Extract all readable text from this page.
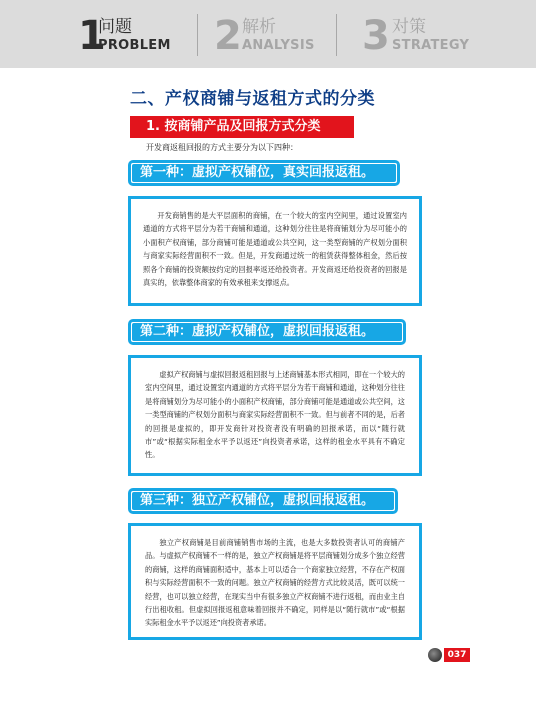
1
问题
PROBLEM 2 解析
ANALYSIS 3 对策
STRATEGY
二、产权商铺与返租方式的分类
1. 按商铺产品及回报方式分类
开发商返租回报的方式主要分为以下四种：
第一种：虚拟产权铺位，真实回报返租。

开发商销售的是大平层面积的商铺，在一个较大的室内空间里，通过设置室内通道的方式将平层分为若干商铺和通道，这种划分往往是将商铺划分为尽可能小的小面积产权商铺，部分商铺可能是通道或公共空间，这一类型商铺的产权划分面积与商家实际经营面积不一致。但是，开发商通过统一的租赁获得整体租金，然后按照各个商铺的投资额按约定的回报率返还给投资者。开发商返还给投资者的回报是真实的，依靠整体商家的有效承租来支撑返点。

第二种：虚拟产权铺位，虚拟回报返租。

虚拟产权商铺与虚拟回报返租回报与上述商铺基本形式相同，即在一个较大的室内空间里，通过设置室内通道的方式将平层分为若干商铺和通道，这种划分往往是将商铺划分为尽可能小的小面积产权商铺，部分商铺可能是通道或公共空间，这一类型商铺的产权划分面积与商家实际经营面积不一致。但与前者不同的是，后者的回报是虚拟的，即开发商针对投资者没有明确的回报承诺，而以“随行就市”或“根据实际租金水平予以返还”向投资者承诺，这样的租金水平具有不确定性。

第三种：独立产权铺位，虚拟回报返租。

独立产权商铺是目前商铺销售市场的主流，也是大多数投资者认可的商铺产品。与虚拟产权商铺不一样的是，独立产权商铺是将平层商铺划分成多个独立经营的商铺，这样的商铺面积适中，基本上可以适合一个商家独立经营，不存在产权面积与实际经营面积不一致的问题。独立产权商铺的经营方式比较灵活，既可以统一经营，也可以独立经营，在现实当中有很多独立产权商铺不进行返租，而由业主自行出租收租。但虚拟回报返租意味着回报并不确定，同样是以“随行就市”或“根据实际租金水平予以返还”向投资者承诺。

037
